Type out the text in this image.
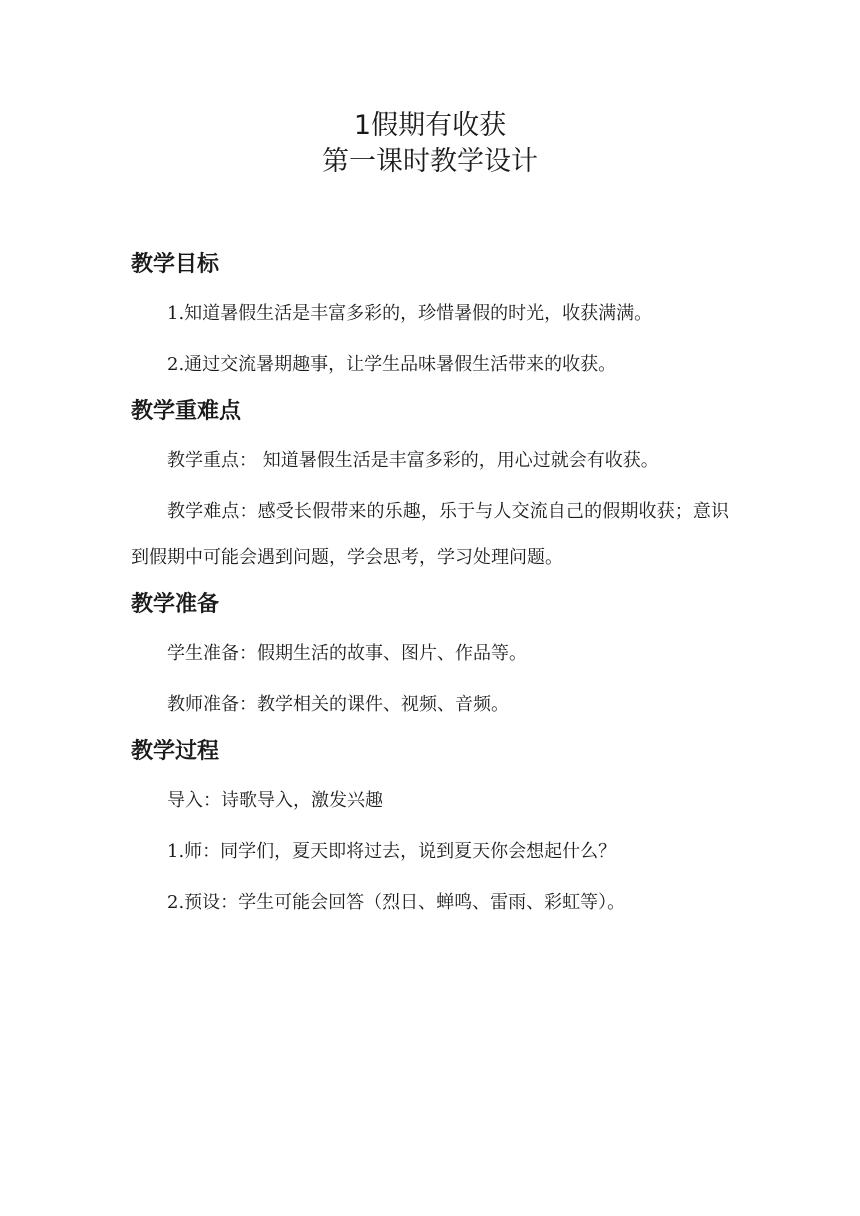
1假期有收获
第一课时教学设计
教学目标

1.知道暑假生活是丰富多彩的，珍惜暑假的时光，收获满满。

2.通过交流暑期趣事，让学生品味暑假生活带来的收获。

教学重难点

教学重点： 知道暑假生活是丰富多彩的，用心过就会有收获。

教学难点：感受长假带来的乐趣，乐于与人交流自己的假期收获；意识到假期中可能会遇到问题，学会思考，学习处理问题。

教学准备

学生准备：假期生活的故事、图片、作品等。

教师准备：教学相关的课件、视频、音频。

教学过程

导入：诗歌导入，激发兴趣

1.师：同学们，夏天即将过去，说到夏天你会想起什么？

2.预设：学生可能会回答（烈日、蝉鸣、雷雨、彩虹等）。
